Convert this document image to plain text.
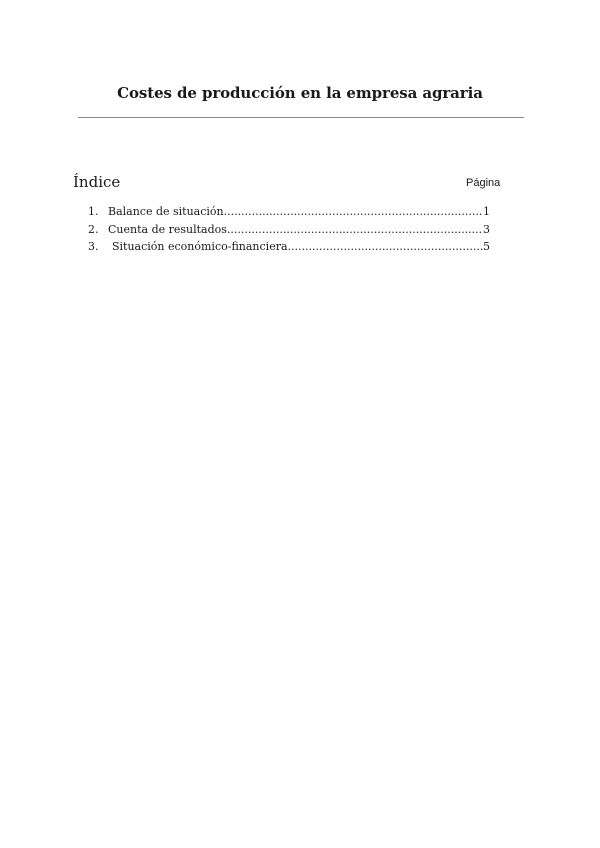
Costes de producción en la empresa agraria
Índice	Página
1. Balance de situación .....	1
2. Cuenta de resultados .....	3
3.	Situación económico-financiera .....	5
